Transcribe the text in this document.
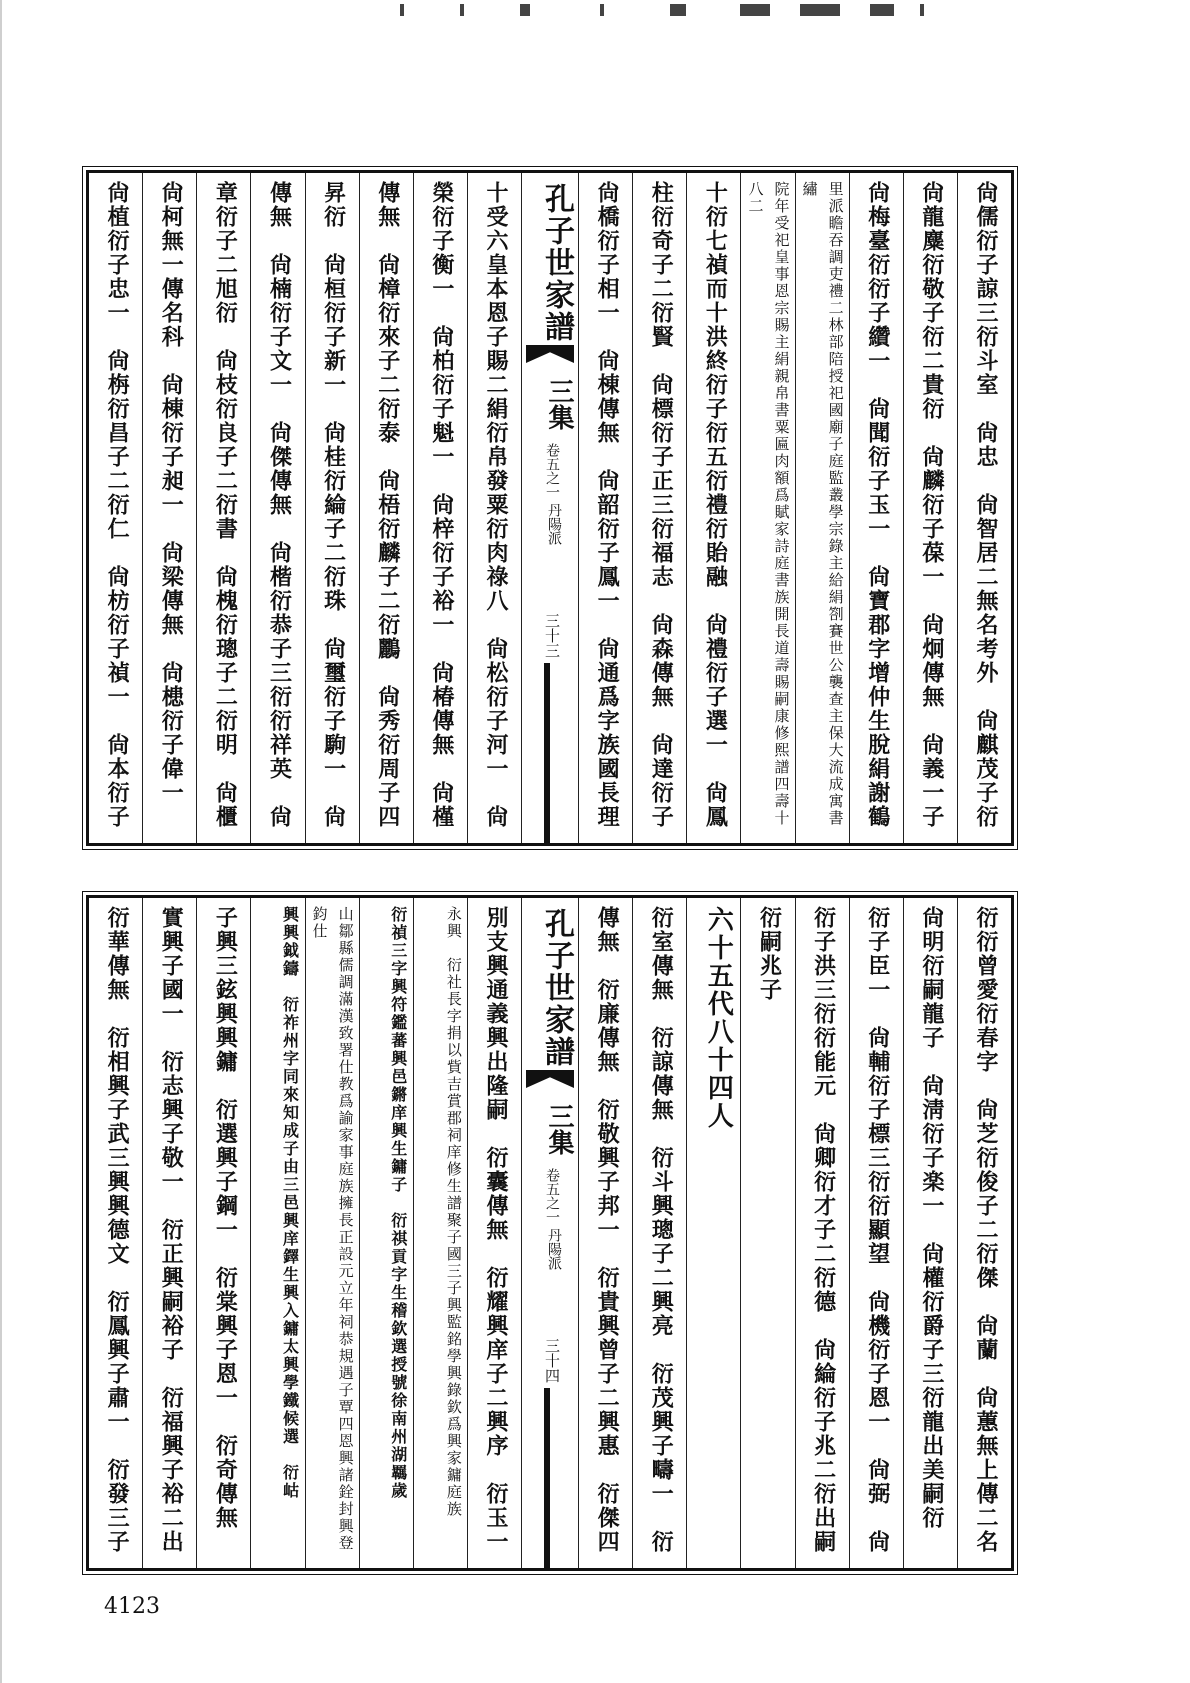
尙儒衍子諒三衍斗室　尙忠　尙智居二無名考外　尙麒茂子衍
尙龍麋衍敬子衍二貴衍　尙麟衍子葆一　尙炯傳無　尙義一子
尙梅臺衍衍子纘一　尙聞衍子玉一　尙寶郡字增仲生脫絹謝鶴
里派瞻吞調吏禮二林部陪授祀國廟子庭監叢學宗錄主給絹劄賽世公襲查主保大流成寓書繡
院年受祀皇事恩宗賜主絹親帛書粟匾肉額爲賦家詩庭書族開長道壽賜嗣康修熙譜四壽十八二
十衍七禎而十洪終衍子衍五衍禮衍貽融　尙禮衍子選一　尙鳳　
柱衍奇子二衍賢　尙標衍子正三衍福志　尙森傳無　尙達衍子
尙橋衍子相一　尙棟傳無　尙韶衍子鳳一　尙通爲字族國長理
孔子世家譜
三集
卷五之一
丹陽派
三十三
十受六皇本恩子賜二絹衍帛發粟衍肉祿八　尙松衍子河一　尙　
榮衍子衡一　尙柏衍子魁一　尙梓衍子裕一　尙椿傳無　尙槿
傳無　尙樟衍來子二衍泰　尙梧衍麟子二衍鸝　尙秀衍周子四
昇衍　尙桓衍子新一　尙桂衍綸子二衍珠　尙璽衍子駒一　尙
傳無　尙楠衍子文一　尙傑傳無　尙楷衍恭子三衍衍祥英　尙
章衍子二旭衍　尙枝衍良子二衍書　尙槐衍璁子二衍明　尙櫃
尙柯無一傳名科　尙棟衍子昶一　尙梁傳無　尙槵衍子偉一
尙植衍子忠一　尙栴衍昌子二衍仁　尙枋衍子禎一　尙本衍子
衍衍曾愛衍春字　尙芝衍俊子二衍傑　尙蘭　尙蕙無上傳二名
尙明衍嗣龍子　尙淸衍子楽一　尙權衍爵子三衍龍出美嗣衍　
衍子臣一　尙輔衍子標三衍衍顯望　尙機衍子恩一　尙弼　尙
衍子洪三衍衍能元　尙卿衍才子二衍德　尙綸衍子兆二衍出嗣　
衍嗣兆子
六十五代八十四人
衍室傳無　衍諒傳無　衍斗興璁子二興亮　衍茂興子疇一　衍
傳無　衍廉傳無　衍敬興子邦一　衍貴興曾子二興惠　衍傑四
孔子世家譜
三集
卷五之一
丹陽派
三十四
別支興通義興出隆嗣　衍囊傳無　衍耀興庠子二興序　衍玉一
永興　衍社長字捐以貲吉賞郡祠庠修生譜聚子國三子興監銘學興錄欽爲興家鏞庭族
衍禎三字興符鑑蕃興邑鏘庠興生鏞子　衍祺貢字生稽欽選授號徐南州湖羈歲
山鄒縣儒調滿漢致署仕教爲諭家事庭族擁長正設元立年祠恭規遇子覃四恩興諸銓封興登鈞仕
興興鉞鑄　衍祚州字同來知成子由三邑興庠鐸生興入鏞太興學鐵候選　衍岵
子興三鉉興興鏞　衍選興子鋼一　衍棠興子恩一　衍奇傳無　
實興子國一　衍志興子敬一　衍正興嗣裕子　衍福興子裕二出
衍華傳無　衍相興子武三興興德文　衍鳳興子肅一　衍發三子
4123
